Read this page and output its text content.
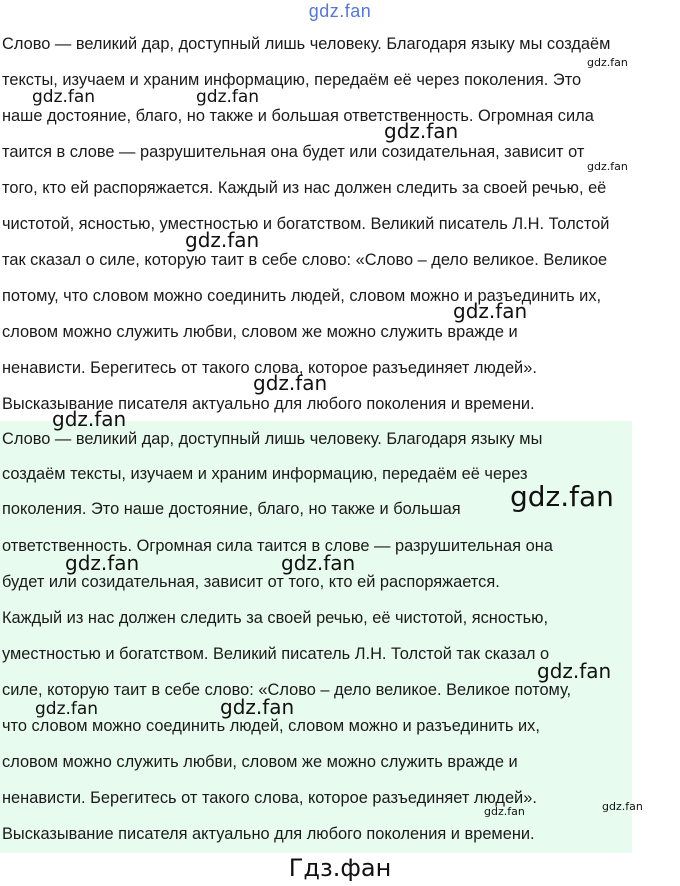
gdz.fan
Слово — великий дар, доступный лишь человеку. Благодаря языку мы создаём
тексты, изучаем и храним информацию, передаём её через поколения. Это
наше достояние, благо, но также и большая ответственность. Огромная сила
таится в слове — разрушительная она будет или созидательная, зависит от
того, кто ей распоряжается. Каждый из нас должен следить за своей речью, её
чистотой, ясностью, уместностью и богатством. Великий писатель Л.Н. Толстой
так сказал о силе, которую таит в себе слово: «Слово – дело великое. Великое
потому, что словом можно соединить людей, словом можно и разъединить их,
словом можно служить любви, словом же можно служить вражде и
ненависти. Берегитесь от такого слова, которое разъединяет людей».
Высказывание писателя актуально для любого поколения и времени.
Слово — великий дар, доступный лишь человеку. Благодаря языку мы
создаём тексты, изучаем и храним информацию, передаём её через
поколения. Это наше достояние, благо, но также и большая
ответственность. Огромная сила таится в слове — разрушительная она
будет или созидательная, зависит от того, кто ей распоряжается.
Каждый из нас должен следить за своей речью, её чистотой, ясностью,
уместностью и богатством. Великий писатель Л.Н. Толстой так сказал о
силе, которую таит в себе слово: «Слово – дело великое. Великое потому,
что словом можно соединить людей, словом можно и разъединить их,
словом можно служить любви, словом же можно служить вражде и
ненависти. Берегитесь от такого слова, которое разъединяет людей».
Высказывание писателя актуально для любого поколения и времени.
gdz.fan
gdz.fan	gdz.fan
gdz.fan
gdz.fan
gdz.fan
gdz.fan
gdz.fan
gdz.fan
gdz.fan
gdz.fan	gdz.fan
gdz.fan
gdz.fan	gdz.fan
gdz.fan
gdz.fan
Гдз.фан
